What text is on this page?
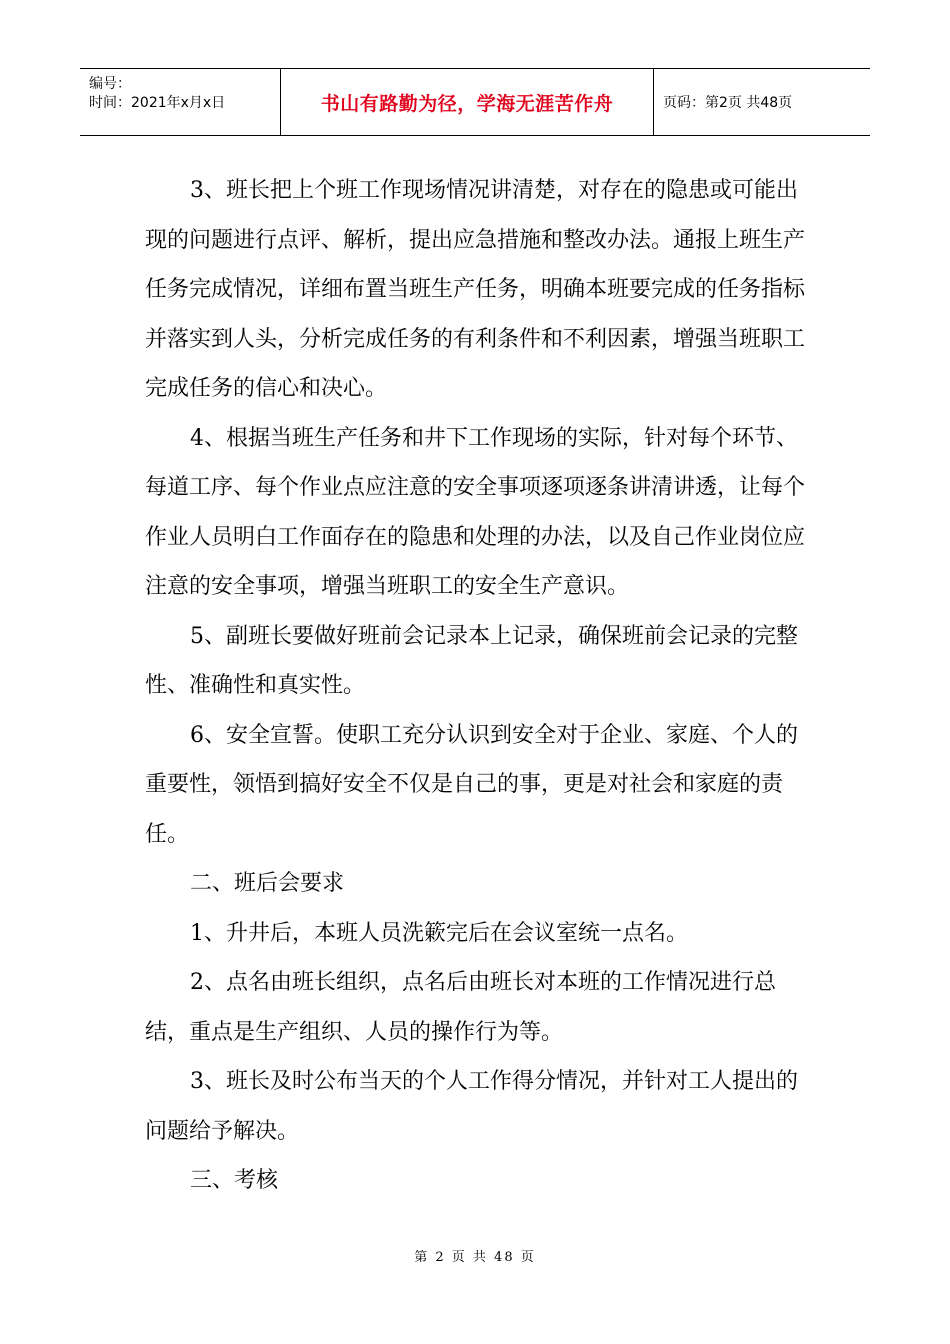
编号：
时间：2021年x月x日	书山有路勤为径，学海无涯苦作舟	页码：第2页 共48页

3、班长把上个班工作现场情况讲清楚，对存在的隐患或可能出现的问题进行点评、解析，提出应急措施和整改办法。通报上班生产任务完成情况，详细布置当班生产任务，明确本班要完成的任务指标并落实到人头，分析完成任务的有利条件和不利因素，增强当班职工完成任务的信心和决心。

4、根据当班生产任务和井下工作现场的实际，针对每个环节、每道工序、每个作业点应注意的安全事项逐项逐条讲清讲透，让每个作业人员明白工作面存在的隐患和处理的办法，以及自己作业岗位应注意的安全事项，增强当班职工的安全生产意识。

5、副班长要做好班前会记录本上记录，确保班前会记录的完整性、准确性和真实性。

6、安全宣誓。使职工充分认识到安全对于企业、家庭、个人的重要性，领悟到搞好安全不仅是自己的事，更是对社会和家庭的责任。

二、班后会要求

1、升井后，本班人员洗簌完后在会议室统一点名。

2、点名由班长组织，点名后由班长对本班的工作情况进行总结，重点是生产组织、人员的操作行为等。

3、班长及时公布当天的个人工作得分情况，并针对工人提出的问题给予解决。

三、考核

第 2 页 共 48 页
